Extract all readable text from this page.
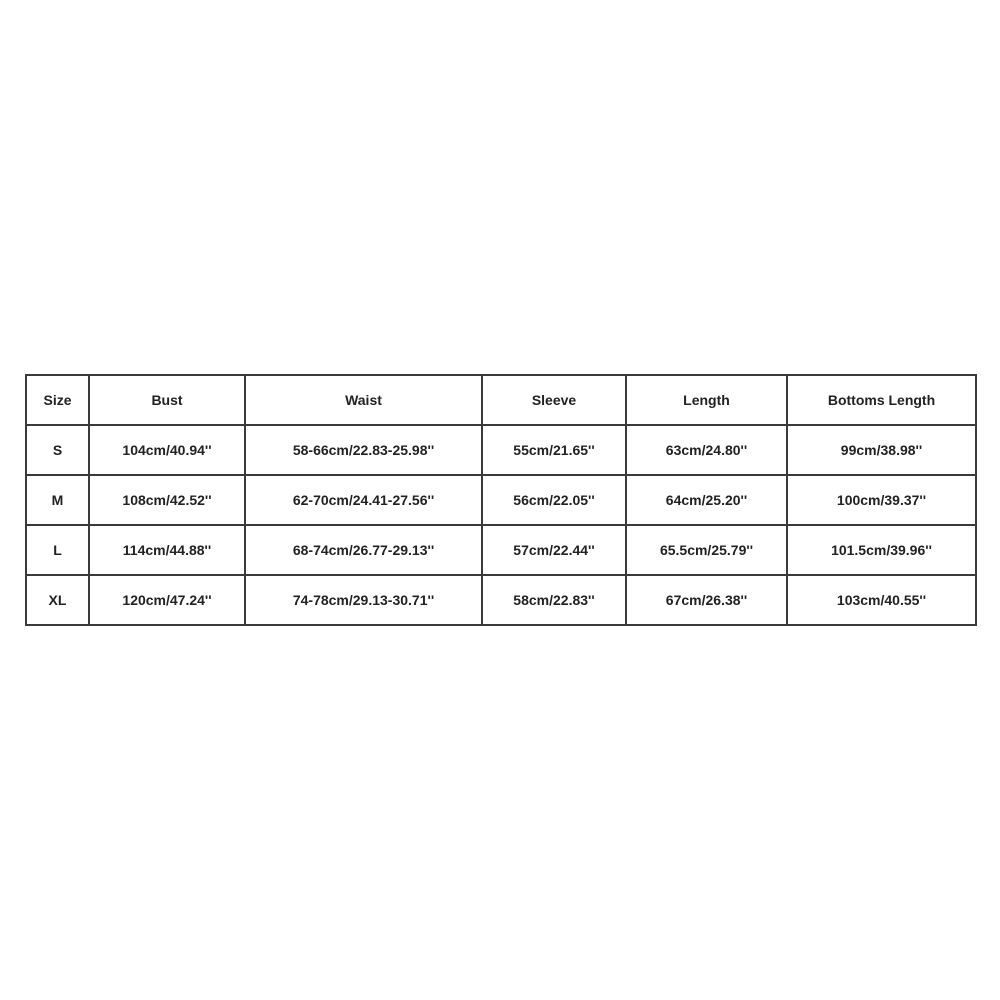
Size	Bust	Waist	Sleeve	Length	Bottoms Length
S	104cm/40.94''	58-66cm/22.83-25.98''	55cm/21.65''	63cm/24.80''	99cm/38.98''
M	108cm/42.52''	62-70cm/24.41-27.56''	56cm/22.05''	64cm/25.20''	100cm/39.37''
L	114cm/44.88''	68-74cm/26.77-29.13''	57cm/22.44''	65.5cm/25.79''	101.5cm/39.96''
XL	120cm/47.24''	74-78cm/29.13-30.71''	58cm/22.83''	67cm/26.38''	103cm/40.55''
